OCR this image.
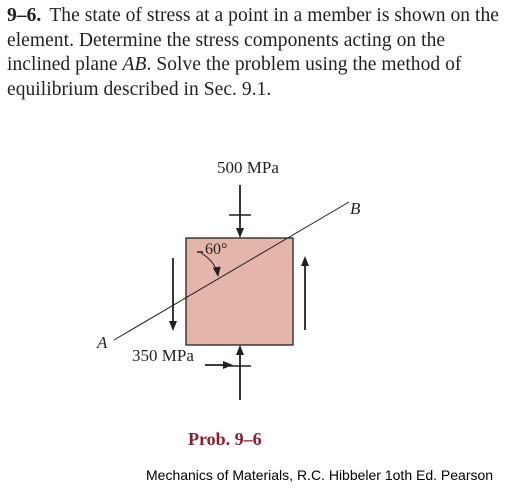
9–6. The state of stress at a point in a member is shown on the element. Determine the stress components acting on the inclined plane AB. Solve the problem using the method of equilibrium described in Sec. 9.1.
500 MPa
60°
350 MPa
A
B
Prob. 9–6
Mechanics of Materials, R.C. Hibbeler 1oth Ed. Pearson
